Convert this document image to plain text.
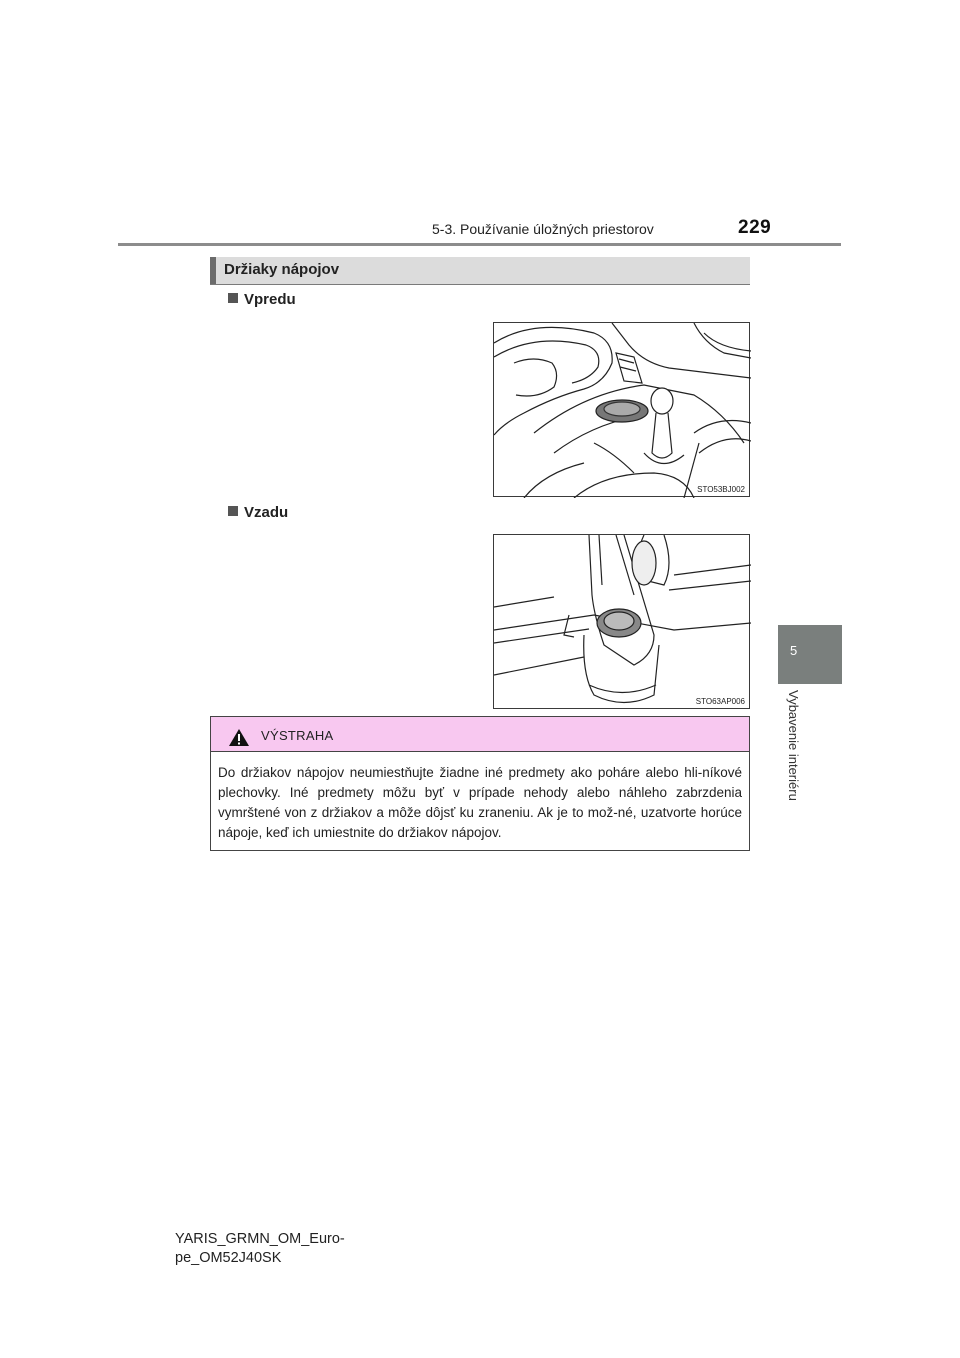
5-3. Používanie úložných priestorov	229
5
Vybavenie interiéru
Držiaky nápojov
Vpredu
STO53BJ002
Vzadu
STO63AP006
VÝSTRAHA
Do držiakov nápojov neumiestňujte žiadne iné predmety ako poháre alebo hli-níkové plechovky. Iné predmety môžu byť v prípade nehody alebo náhleho zabrzdenia vymrštené von z držiakov a môže dôjsť ku zraneniu. Ak je to mož-né, uzatvorte horúce nápoje, keď ich umiestnite do držiakov nápojov.
YARIS_GRMN_OM_Euro-
pe_OM52J40SK
